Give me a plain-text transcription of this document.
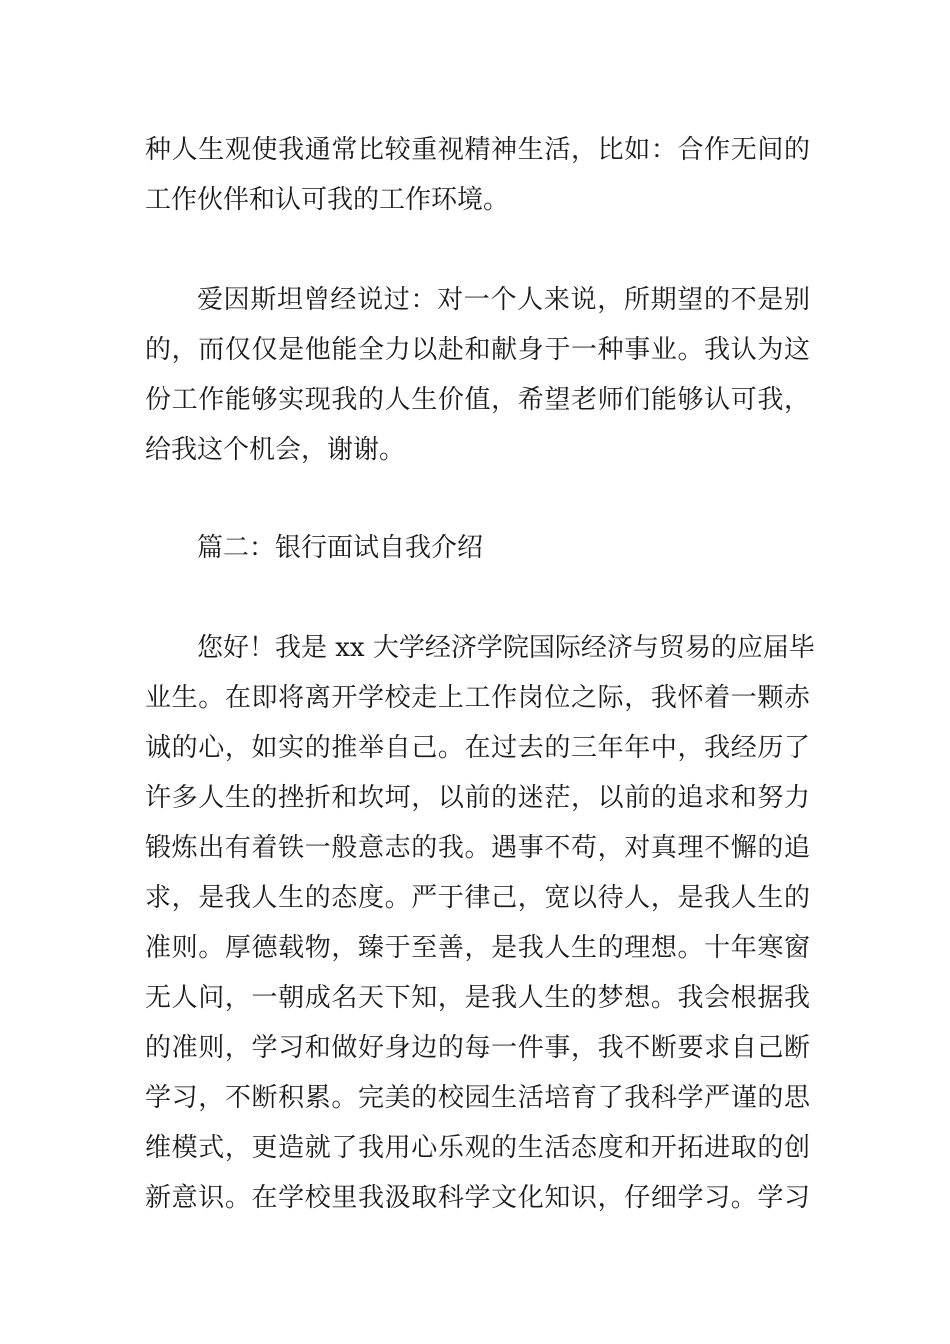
种人生观使我通常比较重视精神生活，比如：合作无间的
工作伙伴和认可我的工作环境。
爱因斯坦曾经说过：对一个人来说，所期望的不是别
的，而仅仅是他能全力以赴和献身于一种事业。我认为这
份工作能够实现我的人生价值，希望老师们能够认可我，
给我这个机会，谢谢。
篇二：银行面试自我介绍
您好！我是 xx 大学经济学院国际经济与贸易的应届毕
业生。在即将离开学校走上工作岗位之际，我怀着一颗赤
诚的心，如实的推举自己。在过去的三年年中，我经历了
许多人生的挫折和坎坷，以前的迷茫，以前的追求和努力
锻炼出有着铁一般意志的我。遇事不苟，对真理不懈的追
求，是我人生的态度。严于律己，宽以待人，是我人生的
准则。厚德载物，臻于至善，是我人生的理想。十年寒窗
无人问，一朝成名天下知，是我人生的梦想。我会根据我
的准则，学习和做好身边的每一件事，我不断要求自己断
学习，不断积累。完美的校园生活培育了我科学严谨的思
维模式，更造就了我用心乐观的生活态度和开拓进取的创
新意识。在学校里我汲取科学文化知识，仔细学习。学习
